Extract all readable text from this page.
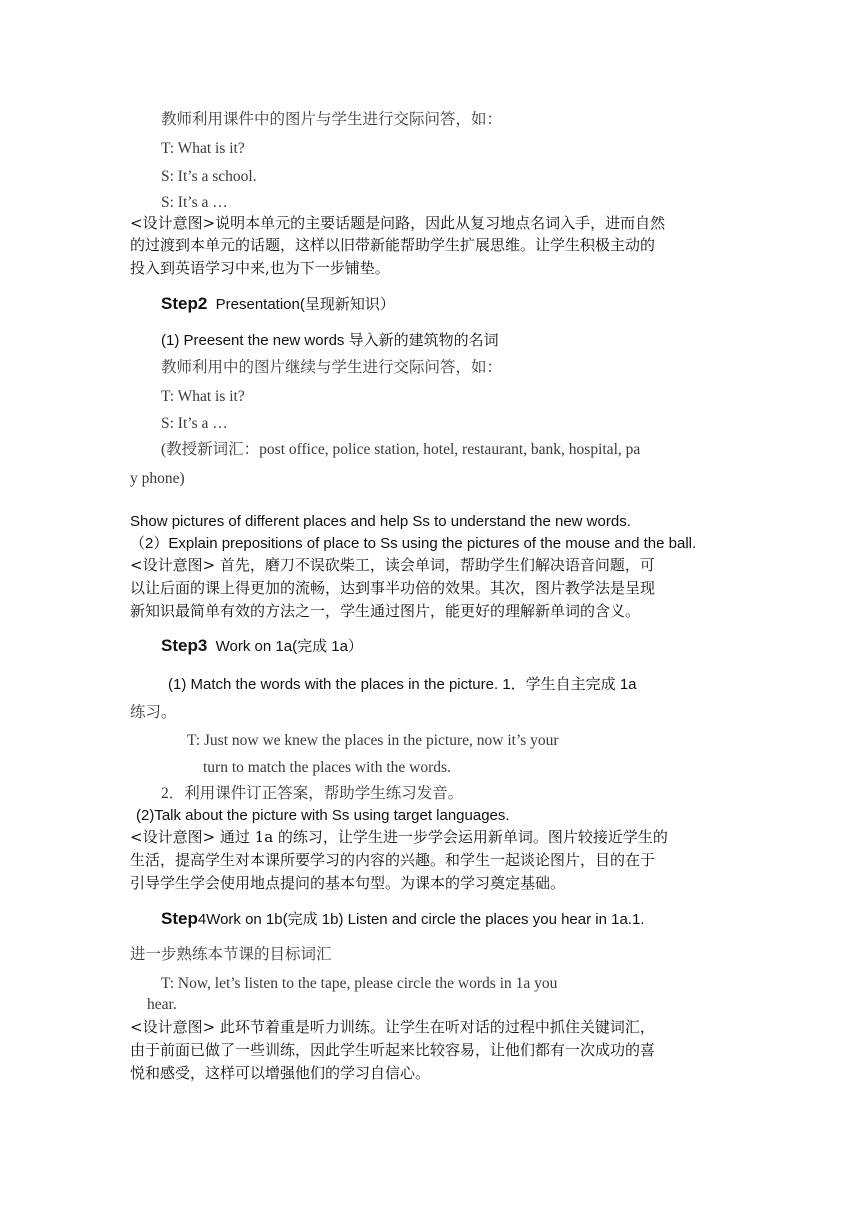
教师利用课件中的图片与学生进行交际问答，如：
T: What is it?
S: It’s a school.
S: It’s a …
<设计意图>说明本单元的主要话题是问路，因此从复习地点名词入手，进而自然
的过渡到本单元的话题，这样以旧带新能帮助学生扩展思维。让学生积极主动的
投入到英语学习中来,也为下一步铺垫。
Step2 Presentation(呈现新知识）
(1) Preesent the new words 导入新的建筑物的名词
教师利用中的图片继续与学生进行交际问答，如：
T: What is it?
S: It’s a …
(教授新词汇：post office, police station, hotel, restaurant, bank, hospital, pa
y phone)
Show pictures of different places and help Ss to understand the new words.
（2）Explain prepositions of place to Ss using the pictures of the mouse and the ball.
<设计意图> 首先，磨刀不误砍柴工，读会单词，帮助学生们解决语音问题，可
以让后面的课上得更加的流畅，达到事半功倍的效果。其次，图片教学法是呈现
新知识最简单有效的方法之一，学生通过图片，能更好的理解新单词的含义。
Step3 Work on 1a(完成 1a）
(1) Match the words with the places in the picture. 1．学生自主完成 1a
练习。
T: Just now we knew the places in the picture, now it’s your
turn to match the places with the words.
2．利用课件订正答案，帮助学生练习发音。
(2)Talk about the picture with Ss using target languages.
<设计意图> 通过 1a 的练习，让学生进一步学会运用新单词。图片较接近学生的
生活，提高学生对本课所要学习的内容的兴趣。和学生一起谈论图片，目的在于
引导学生学会使用地点提问的基本句型。为课本的学习奠定基础。
Step4Work on 1b(完成 1b) Listen and circle the places you hear in 1a.1.
进一步熟练本节课的目标词汇
T: Now, let’s listen to the tape, please circle the words in 1a you
hear.
<设计意图> 此环节着重是听力训练。让学生在听对话的过程中抓住关键词汇，
由于前面已做了一些训练，因此学生听起来比较容易，让他们都有一次成功的喜
悦和感受，这样可以增强他们的学习自信心。
